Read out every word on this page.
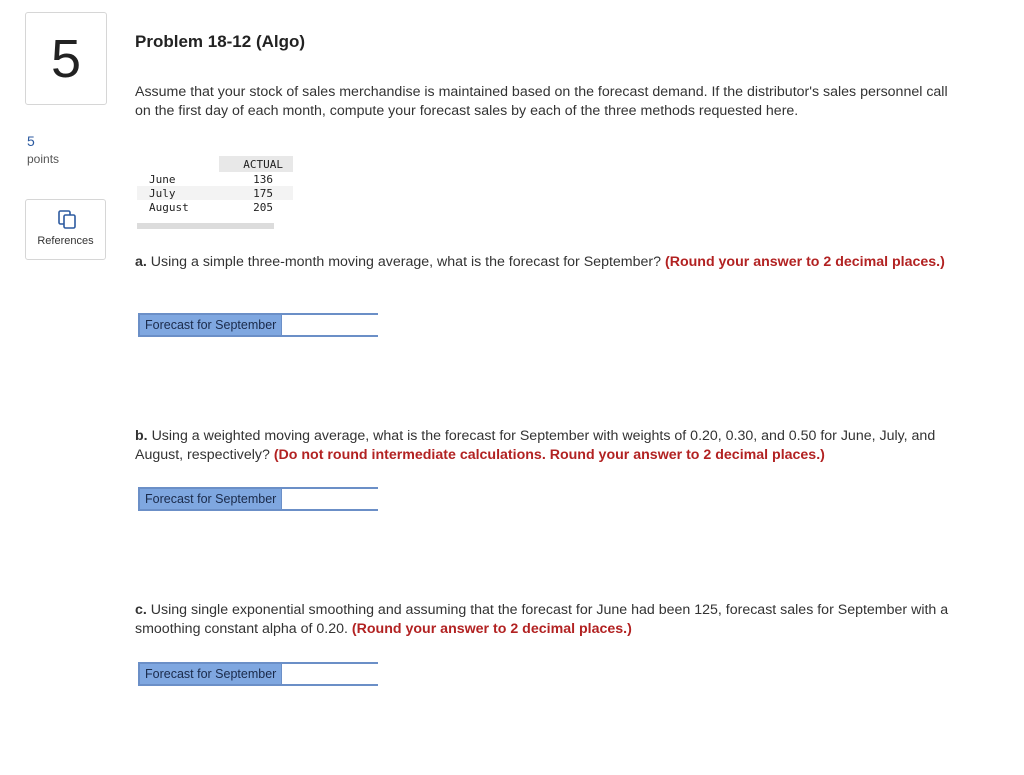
5
5
points
References
Problem 18-12 (Algo)
Assume that your stock of sales merchandise is maintained based on the forecast demand. If the distributor's sales personnel call on the first day of each month, compute your forecast sales by each of the three methods requested here.
	ACTUAL
June	136
July	175
August	205
a. Using a simple three-month moving average, what is the forecast for September? (Round your answer to 2 decimal places.)
Forecast for September
b. Using a weighted moving average, what is the forecast for September with weights of 0.20, 0.30, and 0.50 for June, July, and August, respectively? (Do not round intermediate calculations. Round your answer to 2 decimal places.)
Forecast for September
c. Using single exponential smoothing and assuming that the forecast for June had been 125, forecast sales for September with a smoothing constant alpha of 0.20. (Round your answer to 2 decimal places.)
Forecast for September
